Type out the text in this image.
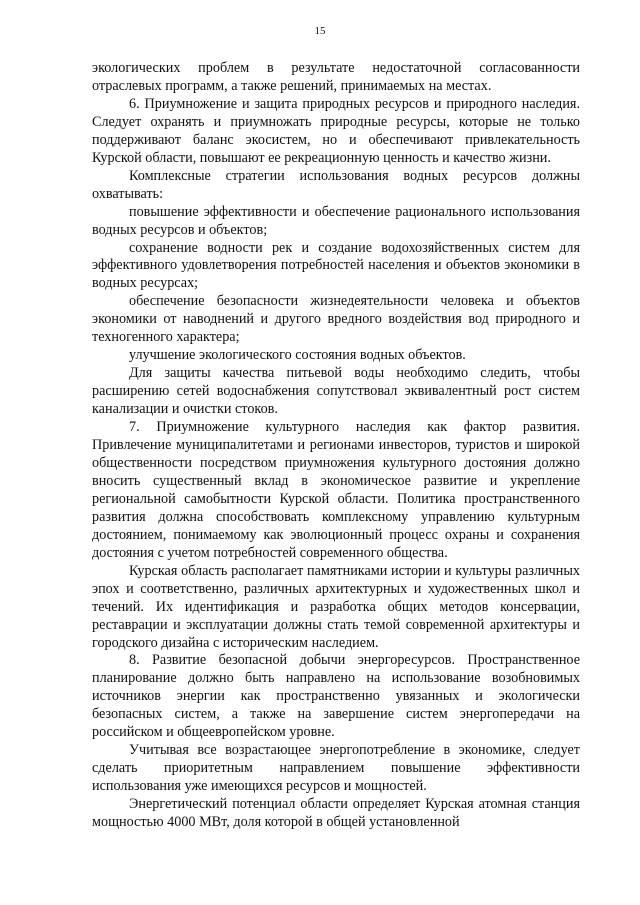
15

экологических проблем в результате недостаточной согласованности отраслевых программ, а также решений, принимаемых на местах.

6. Приумножение и защита природных ресурсов и природного наследия. Следует охранять и приумножать природные ресурсы, которые не только поддерживают баланс экосистем, но и обеспечивают привлекательность Курской области, повышают ее рекреационную ценность и качество жизни.

Комплексные стратегии использования водных ресурсов должны охватывать:

повышение эффективности и обеспечение рационального использования водных ресурсов и объектов;

сохранение водности рек и создание водохозяйственных систем для эффективного удовлетворения потребностей населения и объектов экономики в водных ресурсах;

обеспечение безопасности жизнедеятельности человека и объектов экономики от наводнений и другого вредного воздействия вод природного и техногенного характера;

улучшение экологического состояния водных объектов.

Для защиты качества питьевой воды необходимо следить, чтобы расширению сетей водоснабжения сопутствовал эквивалентный рост систем канализации и очистки стоков.

7. Приумножение культурного наследия как фактор развития. Привлечение муниципалитетами и регионами инвесторов, туристов и широкой общественности посредством приумножения культурного достояния должно вносить существенный вклад в экономическое развитие и укрепление региональной самобытности Курской области. Политика пространственного развития должна способствовать комплексному управлению культурным достоянием, понимаемому как эволюционный процесс охраны и сохранения достояния с учетом потребностей современного общества.

Курская область располагает памятниками истории и культуры различных эпох и соответственно, различных архитектурных и художественных школ и течений. Их идентификация и разработка общих методов консервации, реставрации и эксплуатации должны стать темой современной архитектуры и городского дизайна с историческим наследием.

8. Развитие безопасной добычи энергоресурсов. Пространственное планирование должно быть направлено на использование возобновимых источников энергии как пространственно увязанных и экологически безопасных систем, а также на завершение систем энергопередачи на российском и общеевропейском уровне.

Учитывая все возрастающее энергопотребление в экономике, следует сделать приоритетным направлением повышение эффективности использования уже имеющихся ресурсов и мощностей.

Энергетический потенциал области определяет Курская атомная станция мощностью 4000 МВт, доля которой в общей установленной
